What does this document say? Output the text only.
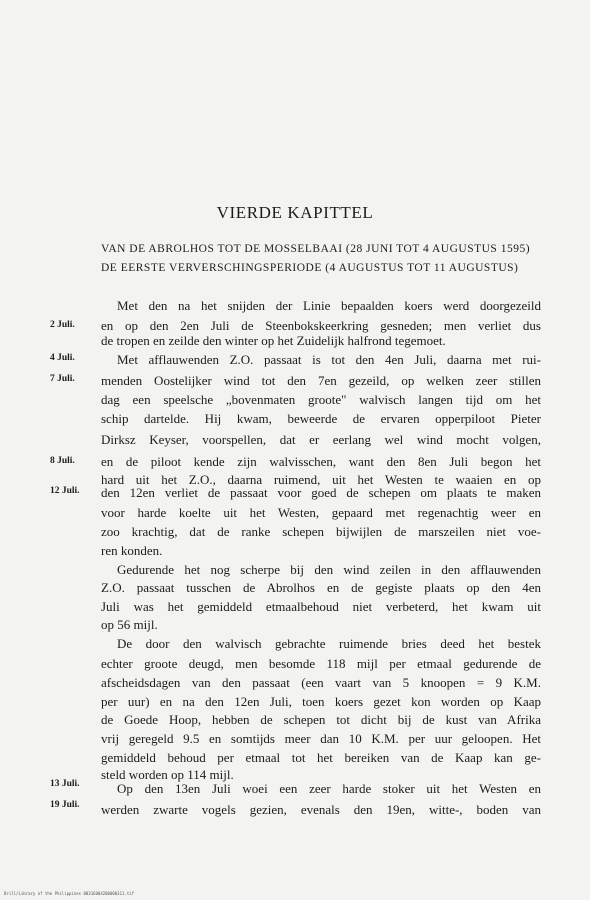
VIERDE KAPITTEL
VAN DE ABROLHOS TOT DE MOSSELBAAI (28 JUNI TOT 4 AUGUSTUS 1595)
DE EERSTE VERVERSCHINGSPERIODE (4 AUGUSTUS TOT 11 AUGUSTUS)
2 Juli.
4 Juli.
7 Juli.
8 Juli.
12 Juli.
13 Juli.
19 Juli.
Met den na het snijden der Linie bepaalden koers werd doorgezeild
en op den 2en Juli de Steenbokskeerkring gesneden; men verliet dus
de tropen en zeilde den winter op het Zuidelijk halfrond tegemoet.
Met afflauwenden Z.O. passaat is tot den 4en Juli, daarna met rui-
menden Oostelijker wind tot den 7en gezeild, op welken zeer stillen
dag een speelsche „bovenmaten groote" walvisch langen tijd om het
schip dartelde. Hij kwam, beweerde de ervaren opperpiloot Pieter
Dirksz Keyser, voorspellen, dat er eerlang wel wind mocht volgen,
en de piloot kende zijn walvisschen, want den 8en Juli begon het
hard uit het Z.O., daarna ruimend, uit het Westen te waaien en op
den 12en verliet de passaat voor goed de schepen om plaats te maken
voor harde koelte uit het Westen, gepaard met regenachtig weer en
zoo krachtig, dat de ranke schepen bijwijlen de marszeilen niet voe-
ren konden.
Gedurende het nog scherpe bij den wind zeilen in den afflauwenden
Z.O. passaat tusschen de Abrolhos en de gegiste plaats op den 4en
Juli was het gemiddeld etmaalbehoud niet verbeterd, het kwam uit
op 56 mijl.
De door den walvisch gebrachte ruimende bries deed het bestek
echter groote deugd, men besomde 118 mijl per etmaal gedurende de
afscheidsdagen van den passaat (een vaart van 5 knoopen = 9 K.M.
per uur) en na den 12en Juli, toen koers gezet kon worden op Kaap
de Goede Hoop, hebben de schepen tot dicht bij de kust van Afrika
vrij geregeld 9.5 en somtijds meer dan 10 K.M. per uur geloopen. Het
gemiddeld behoud per etmaal tot het bereiken van de Kaap kan ge-
steld worden op 114 mijl.
Op den 13en Juli woei een zeer harde stoker uit het Westen en
werden zwarte vogels gezien, evenals den 19en, witte-, boden van
Brill/Library of the Philippines 0031E004200000311.tif
